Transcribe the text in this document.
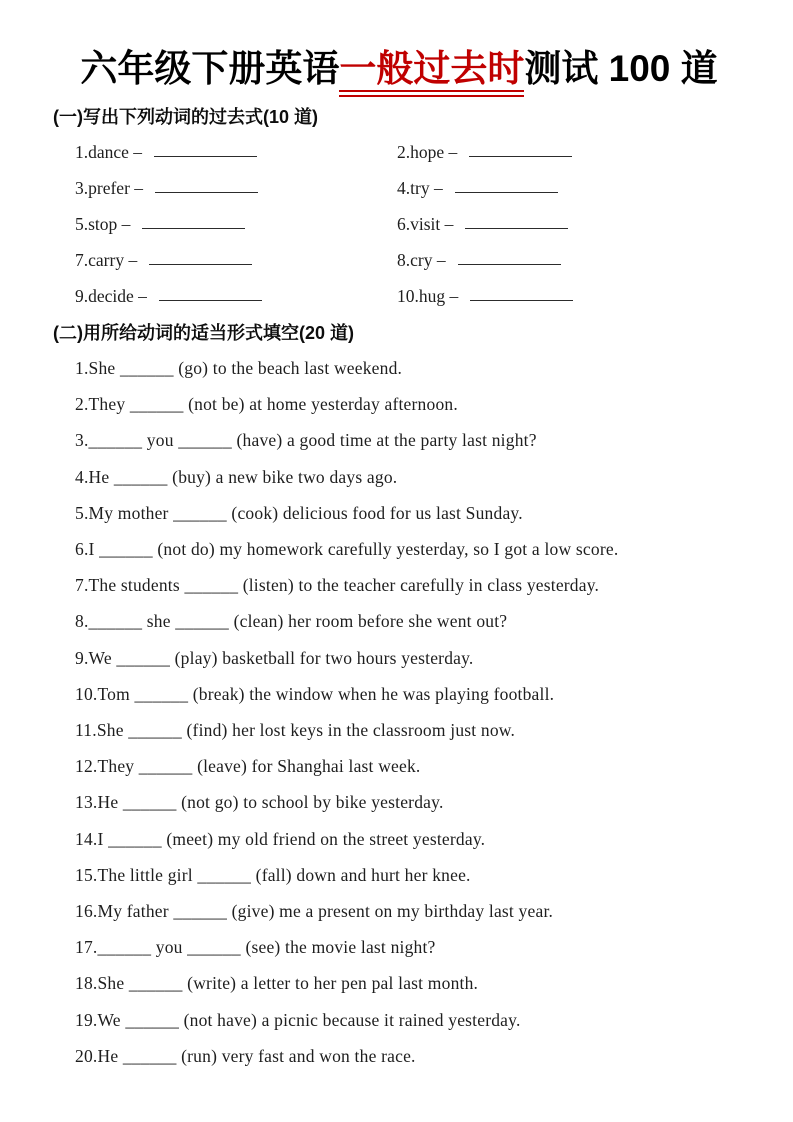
六年级下册英语一般过去时测试 100 道
(一)写出下列动词的过去式(10 道)
1.dance –	2.hope –
3.prefer –	4.try –
5.stop –	6.visit –
7.carry –	8.cry –
9.decide –	10.hug –
(二)用所给动词的适当形式填空(20 道)
1.She ______ (go) to the beach last weekend.
2.They ______ (not be) at home yesterday afternoon.
3.______ you ______ (have) a good time at the party last night?
4.He ______ (buy) a new bike two days ago.
5.My mother ______ (cook) delicious food for us last Sunday.
6.I ______ (not do) my homework carefully yesterday, so I got a low score.
7.The students ______ (listen) to the teacher carefully in class yesterday.
8.______ she ______ (clean) her room before she went out?
9.We ______ (play) basketball for two hours yesterday.
10.Tom ______ (break) the window when he was playing football.
11.She ______ (find) her lost keys in the classroom just now.
12.They ______ (leave) for Shanghai last week.
13.He ______ (not go) to school by bike yesterday.
14.I ______ (meet) my old friend on the street yesterday.
15.The little girl ______ (fall) down and hurt her knee.
16.My father ______ (give) me a present on my birthday last year.
17.______ you ______ (see) the movie last night?
18.She ______ (write) a letter to her pen pal last month.
19.We ______ (not have) a picnic because it rained yesterday.
20.He ______ (run) very fast and won the race.
